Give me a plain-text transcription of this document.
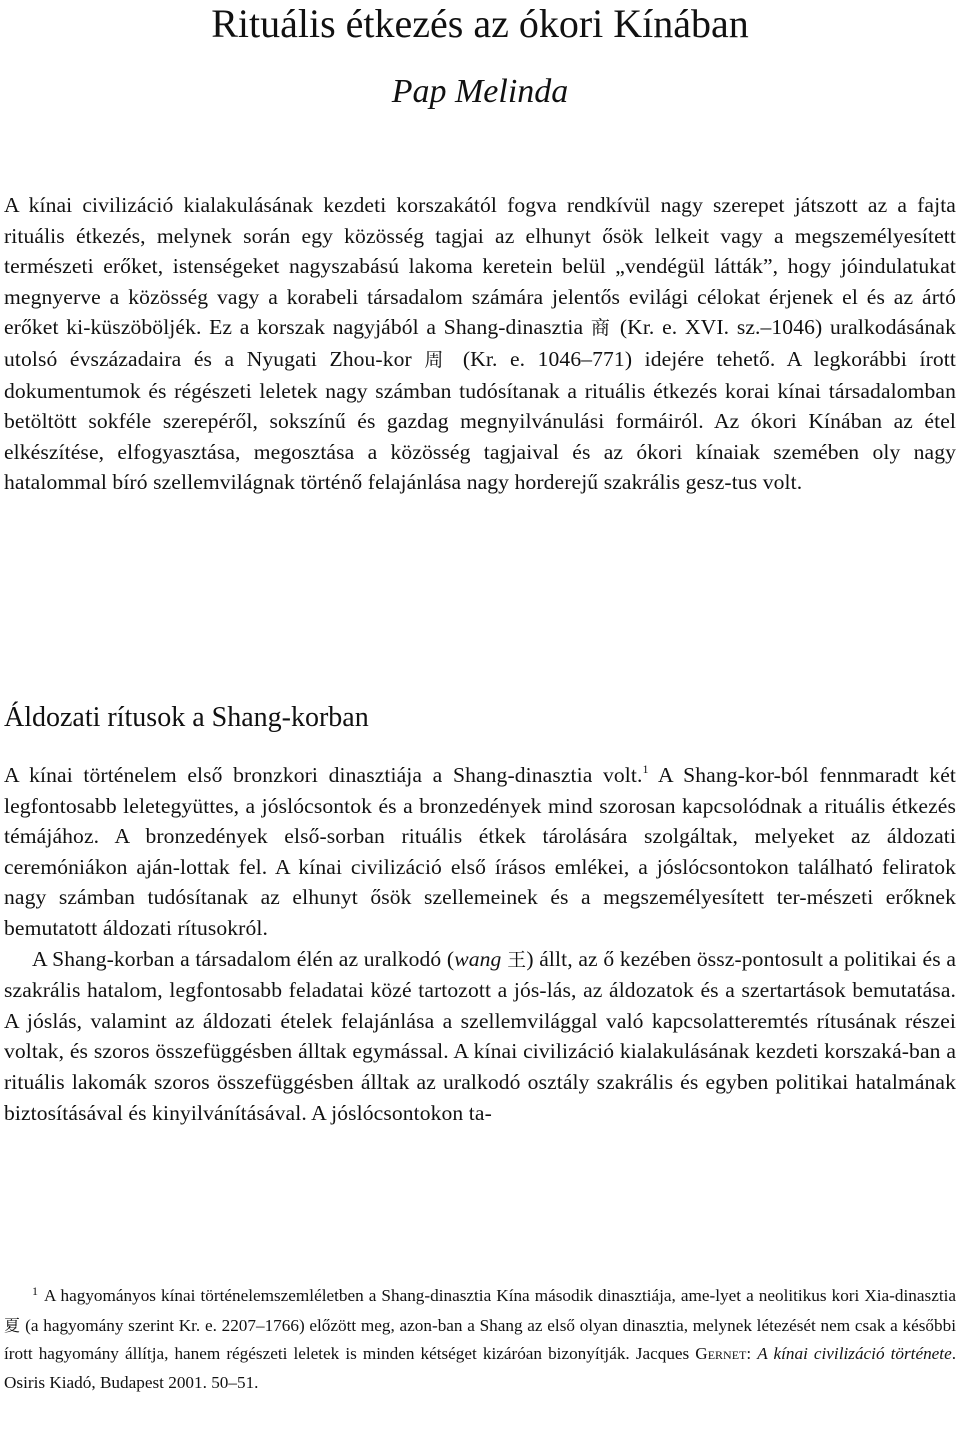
Rituális étkezés az ókori Kínában
Pap Melinda

A kínai civilizáció kialakulásának kezdeti korszakától fogva rendkívül nagy szerepet játszott az a fajta rituális étkezés, melynek során egy közösség tagjai az elhunyt ősök lelkeit vagy a megszemélyesített természeti erőket, istenségeket nagyszabású lakoma keretein belül „vendégül látták”, hogy jóindulatukat megnyerve a közösség vagy a korabeli társadalom számára jelentős evilági célokat érjenek el és az ártó erőket ki-küszöböljék. Ez a korszak nagyjából a Shang-dinasztia 商 (Kr. e. XVI. sz.–1046) uralkodásának utolsó évszázadaira és a Nyugati Zhou-kor 周 (Kr. e. 1046–771) idejére tehető. A legkorábbi írott dokumentumok és régészeti leletek nagy számban tudósítanak a rituális étkezés korai kínai társadalomban betöltött sokféle szerepéről, sokszínű és gazdag megnyilvánulási formáiról. Az ókori Kínában az étel elkészítése, elfogyasztása, megosztása a közösség tagjaival és az ókori kínaiak szemében oly nagy hatalommal bíró szellemvilágnak történő felajánlása nagy horderejű szakrális gesz-tus volt.

Áldozati rítusok a Shang-korban

A kínai történelem első bronzkori dinasztiája a Shang-dinasztia volt.$^1$ A Shang-kor-ból fennmaradt két legfontosabb leletegyüttes, a jóslócsontok és a bronzedények mind szorosan kapcsolódnak a rituális étkezés témájához. A bronzedények első-sorban rituális étkek tárolására szolgáltak, melyeket az áldozati ceremóniákon aján-lottak fel. A kínai civilizáció első írásos emlékei, a jóslócsontokon található feliratok nagy számban tudósítanak az elhunyt ősök szellemeinek és a megszemélyesített ter-mészeti erőknek bemutatott áldozati rítusokról.

A Shang-korban a társadalom élén az uralkodó (wang 王) állt, az ő kezében össz-pontosult a politikai és a szakrális hatalom, legfontosabb feladatai közé tartozott a jós-lás, az áldozatok és a szertartások bemutatása. A jóslás, valamint az áldozati ételek felajánlása a szellemvilággal való kapcsolatteremtés rítusának részei voltak, és szoros összefüggésben álltak egymással. A kínai civilizáció kialakulásának kezdeti korszaká-ban a rituális lakomák szoros összefüggésben álltak az uralkodó osztály szakrális és egyben politikai hatalmának biztosításával és kinyilvánításával. A jóslócsontokon ta-

$^1$ A hagyományos kínai történelemszemléletben a Shang-dinasztia Kína második dinasztiája, ame-lyet a neolitikus kori Xia-dinasztia 夏 (a hagyomány szerint Kr. e. 2207–1766) előzött meg, azon-ban a Shang az első olyan dinasztia, melynek létezését nem csak a későbbi írott hagyomány állítja, hanem régészeti leletek is minden kétséget kizáróan bizonyítják. Jacques Gernet: A kínai civilizáció története. Osiris Kiadó, Budapest 2001. 50–51.
